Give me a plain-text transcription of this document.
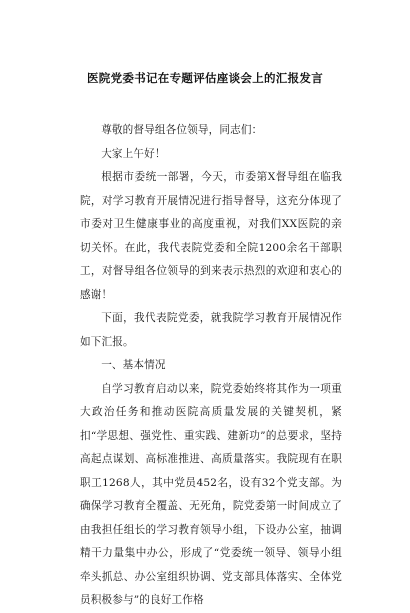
医院党委书记在专题评估座谈会上的汇报发言

尊敬的督导组各位领导，同志们：

大家上午好！

根据市委统一部署，今天，市委第X督导组在临我院，对学习教育开展情况进行指导督导，这充分体现了市委对卫生健康事业的高度重视，对我们XX医院的亲切关怀。在此，我代表院党委和全院1200余名干部职工，对督导组各位领导的到来表示热烈的欢迎和衷心的感谢！

下面，我代表院党委，就我院学习教育开展情况作如下汇报。

一、基本情况

自学习教育启动以来，院党委始终将其作为一项重大政治任务和推动医院高质量发展的关键契机，紧扣“学思想、强党性、重实践、建新功”的总要求，坚持高起点谋划、高标准推进、高质量落实。我院现有在职职工1268人，其中党员452名，设有32个党支部。为确保学习教育全覆盖、无死角，院党委第一时间成立了由我担任组长的学习教育领导小组，下设办公室，抽调精干力量集中办公，形成了“党委统一领导、领导小组牵头抓总、办公室组织协调、党支部具体落实、全体党员积极参与”的良好工作格
